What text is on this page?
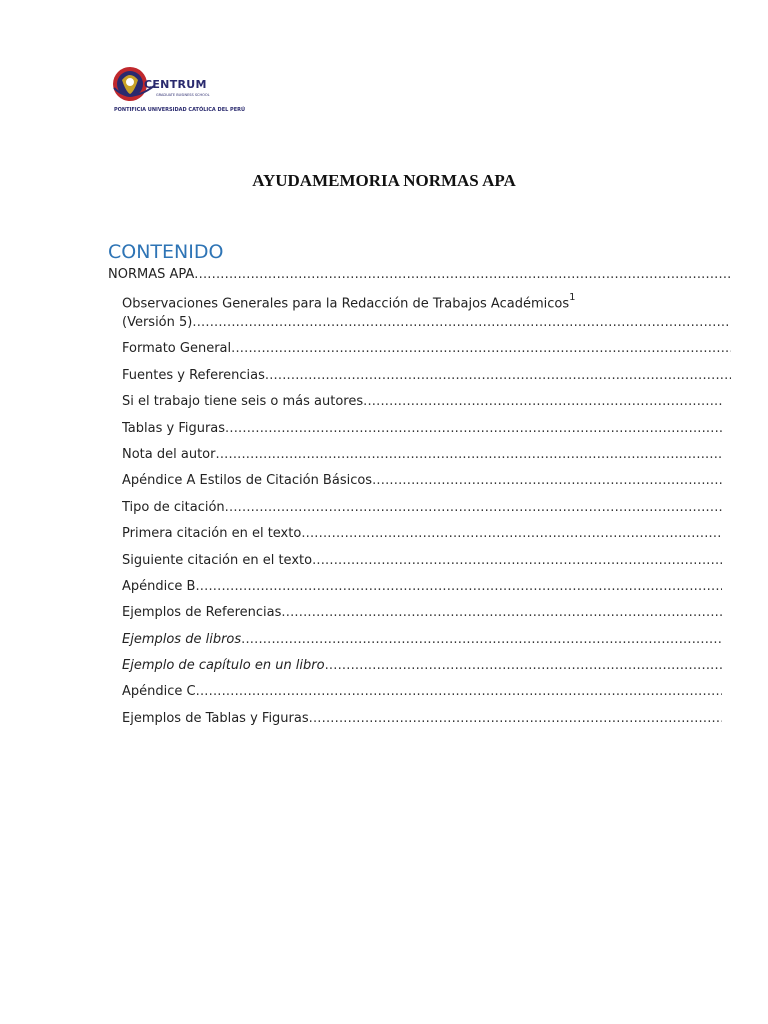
CENTRUM
GRADUATE BUSINESS SCHOOL
PONTIFICIA UNIVERSIDAD CATÓLICA DEL PERÚ
AYUDAMEMORIA NORMAS APA
CONTENIDO
NORMAS APA
.....
Observaciones Generales para la Redacción de Trabajos Académicos$^1$
(Versión 5)
.....
Formato General
.....
Fuentes y Referencias
.....
Si el trabajo tiene seis o más autores
.....
Tablas y Figuras
.....
Nota del autor
.....
Apéndice A Estilos de Citación Básicos
.....
Tipo de citación
.....
Primera citación en el texto
.....
Siguiente citación en el texto
.....
Apéndice B
.....
Ejemplos de Referencias
.....
Ejemplos de libros
.....
Ejemplo de capítulo en un libro
.....
Apéndice C
.....
Ejemplos de Tablas y Figuras
.....
